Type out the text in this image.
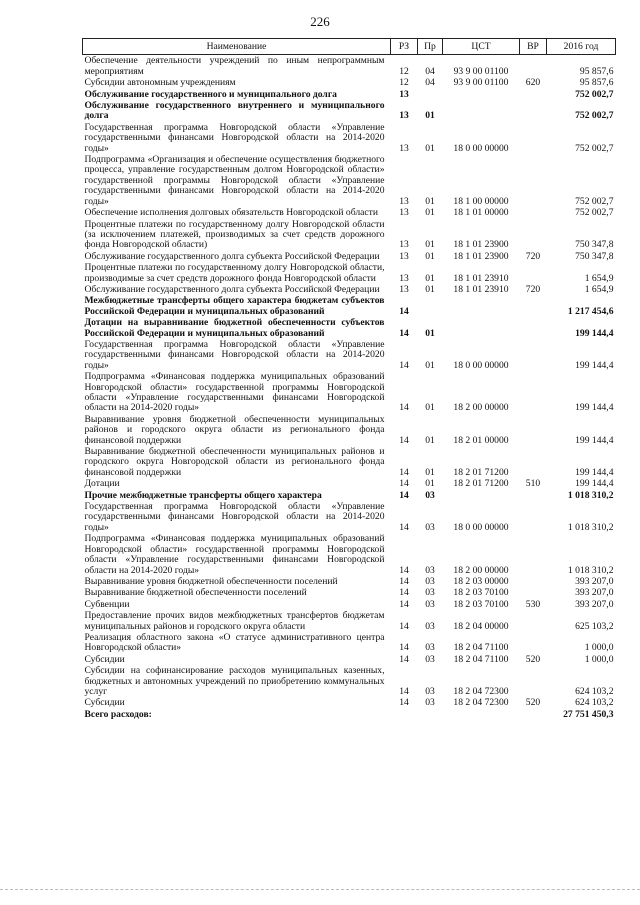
226
Наименование	РЗ	Пр	ЦСТ	ВР	2016 год
Обеспечение деятельности учреждений по иным непрограммным мероприятиям	12	04	93 9 00 01100		95 857,6
Субсидии автономным учреждениям	12	04	93 9 00 01100	620	95 857,6
Обслуживание государственного и муниципального долга	13				752 002,7
Обслуживание государственного внутреннего и муниципального долга	13	01			752 002,7
Государственная программа Новгородской области «Управление государственными финансами Новгородской области на 2014-2020 годы»	13	01	18 0 00 00000		752 002,7
Подпрограмма «Организация и обеспечение осуществления бюджетного процесса, управление государственным долгом Новгородской области» государственной программы Новгородской области «Управление государственными финансами Новгородской области на 2014-2020 годы»	13	01	18 1 00 00000		752 002,7
Обеспечение исполнения долговых обязательств Новгородской области	13	01	18 1 01 00000		752 002,7
Процентные платежи по государственному долгу Новгородской области (за исключением платежей, производимых за счет средств дорожного фонда Новгородской области)	13	01	18 1 01 23900		750 347,8
Обслуживание государственного долга субъекта Российской Федерации	13	01	18 1 01 23900	720	750 347,8
Процентные платежи по государственному долгу Новгородской области, производимые за счет средств дорожного фонда Новгородской области	13	01	18 1 01 23910		1 654,9
Обслуживание государственного долга субъекта Российской Федерации	13	01	18 1 01 23910	720	1 654,9
Межбюджетные трансферты общего характера бюджетам субъектов Российской Федерации и муниципальных образований	14				1 217 454,6
Дотации на выравнивание бюджетной обеспеченности субъектов Российской Федерации и муниципальных образований	14	01			199 144,4
Государственная программа Новгородской области «Управление государственными финансами Новгородской области на 2014-2020 годы»	14	01	18 0 00 00000		199 144,4
Подпрограмма «Финансовая поддержка муниципальных образований Новгородской области» государственной программы Новгородской области «Управление государственными финансами Новгородской области на 2014-2020 годы»	14	01	18 2 00 00000		199 144,4
Выравнивание уровня бюджетной обеспеченности муниципальных районов и городского округа области из регионального фонда финансовой поддержки	14	01	18 2 01 00000		199 144,4
Выравнивание бюджетной обеспеченности муниципальных районов и городского округа Новгородской области из регионального фонда финансовой поддержки	14	01	18 2 01 71200		199 144,4
Дотации	14	01	18 2 01 71200	510	199 144,4
Прочие межбюджетные трансферты общего характера	14	03			1 018 310,2
Государственная программа Новгородской области «Управление государственными финансами Новгородской области на 2014-2020 годы»	14	03	18 0 00 00000		1 018 310,2
Подпрограмма «Финансовая поддержка муниципальных образований Новгородской области» государственной программы Новгородской области «Управление государственными финансами Новгородской области на 2014-2020 годы»	14	03	18 2 00 00000		1 018 310,2
Выравнивание уровня бюджетной обеспеченности поселений	14	03	18 2 03 00000		393 207,0
Выравнивание бюджетной обеспеченности поселений	14	03	18 2 03 70100		393 207,0
Субвенции	14	03	18 2 03 70100	530	393 207,0
Предоставление прочих видов межбюджетных трансфертов бюджетам муниципальных районов и городского округа области	14	03	18 2 04 00000		625 103,2
Реализация областного закона «О статусе административного центра Новгородской области»	14	03	18 2 04 71100		1 000,0
Субсидии	14	03	18 2 04 71100	520	1 000,0
Субсидии на софинансирование расходов муниципальных казенных, бюджетных и автономных учреждений по приобретению коммунальных услуг	14	03	18 2 04 72300		624 103,2
Субсидии	14	03	18 2 04 72300	520	624 103,2
Всего расходов:					27 751 450,3
